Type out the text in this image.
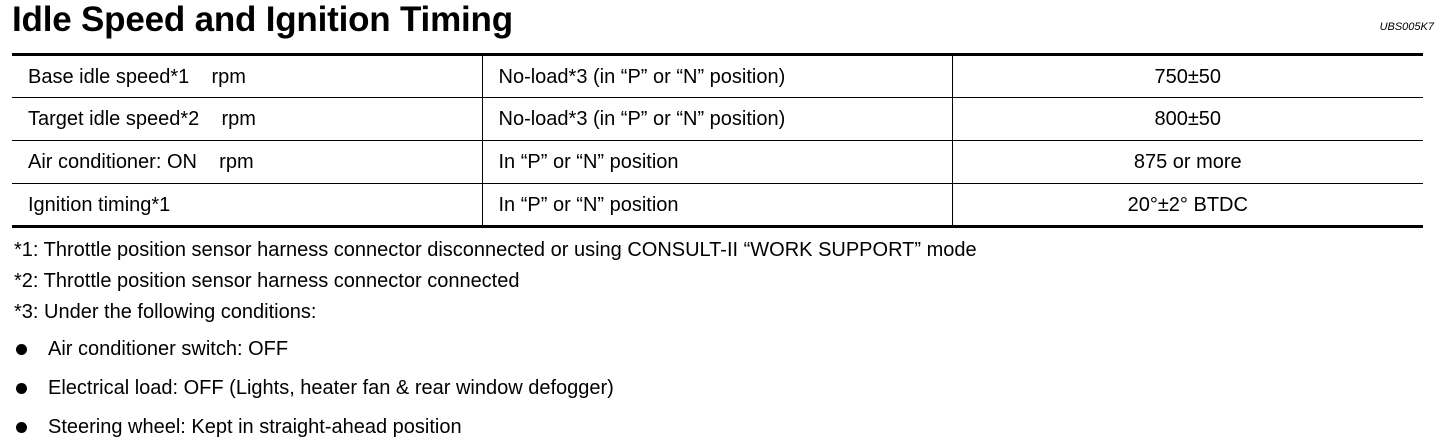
Idle Speed and Ignition Timing	UBS005K7
Base idle speed*1    rpm	No-load*3 (in “P” or “N” position)	750±50
Target idle speed*2    rpm	No-load*3 (in “P” or “N” position)	800±50
Air conditioner: ON    rpm	In “P” or “N” position	875 or more
Ignition timing*1	In “P” or “N” position	20°±2° BTDC
*1: Throttle position sensor harness connector disconnected or using CONSULT-II “WORK SUPPORT” mode
*2: Throttle position sensor harness connector connected
*3: Under the following conditions:
Air conditioner switch: OFF
Electrical load: OFF (Lights, heater fan & rear window defogger)
Steering wheel: Kept in straight-ahead position
